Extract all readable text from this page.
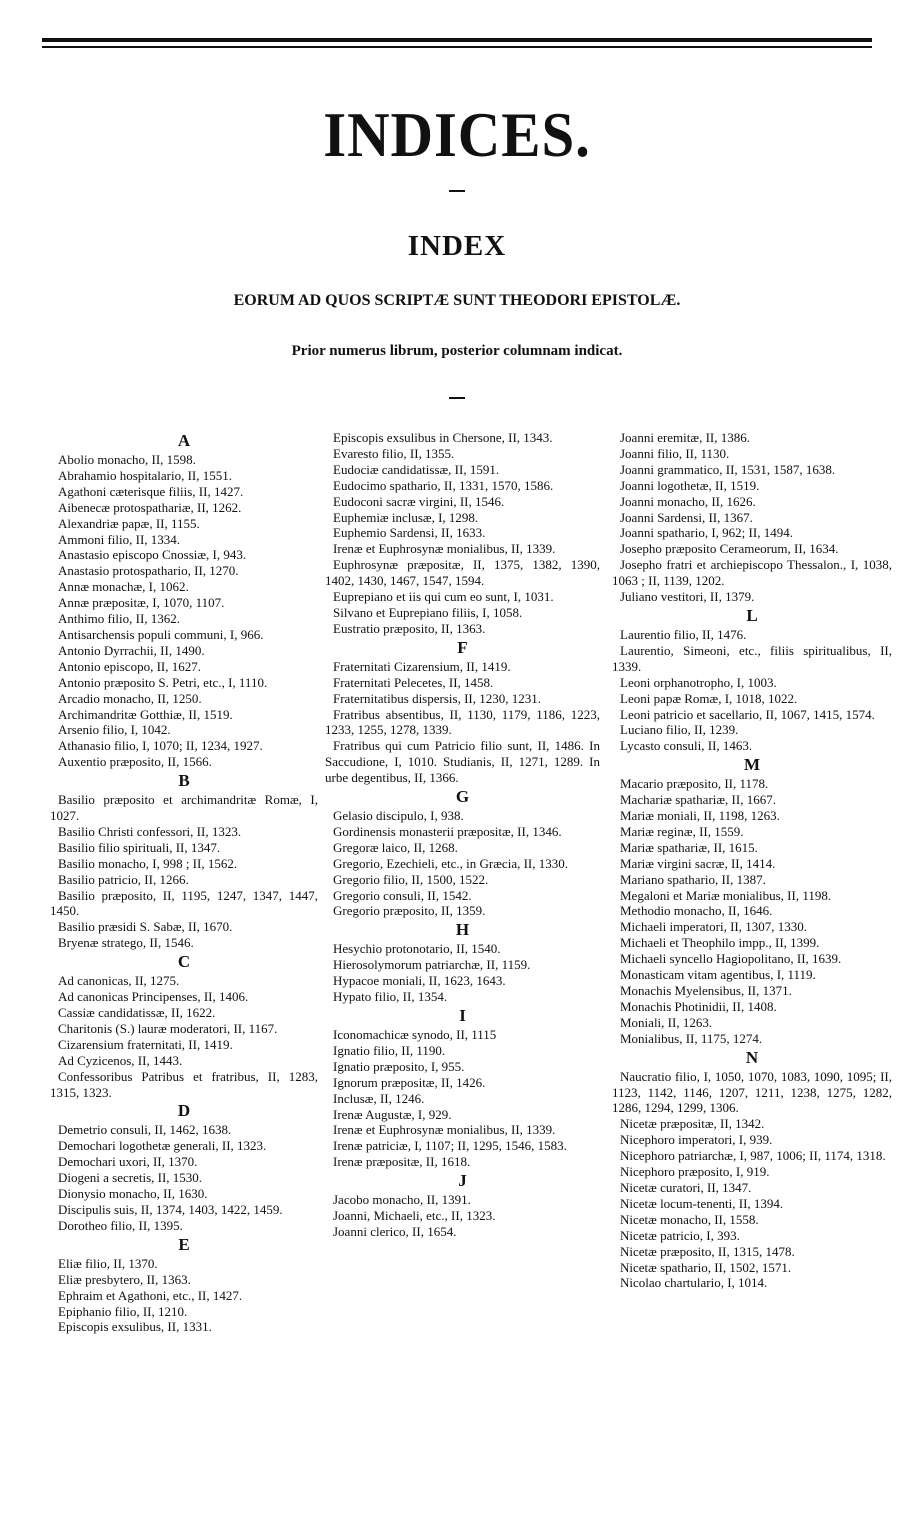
INDICES.
INDEX
EORUM AD QUOS SCRIPTÆ SUNT THEODORI EPISTOLÆ.
Prior numerus librum, posterior columnam indicat.
A
Abolio monacho, II, 1598.
Abrahamio hospitalario, II, 1551.
Agathoni cæterisque filiis, II, 1427.
Aibenecæ protospathariæ, II, 1262.
Alexandriæ papæ, II, 1155.
Ammoni filio, II, 1334.
Anastasio episcopo Cnossiæ, I, 943.
Anastasio protospathario, II, 1270.
Annæ monachæ, I, 1062.
Annæ præpositæ, I, 1070, 1107.
Anthimo filio, II, 1362.
Antisarchensis populi communi, I, 966.
Antonio Dyrrachii, II, 1490.
Antonio episcopo, II, 1627.
Antonio præposito S. Petri, etc., I, 1110.
Arcadio monacho, II, 1250.
Archimandritæ Gotthiæ, II, 1519.
Arsenio filio, I, 1042.
Athanasio filio, I, 1070; II, 1234, 1927.
Auxentio præposito, II, 1566.
B
Basilio præposito et archimandritæ Romæ, I, 1027.
Basilio Christi confessori, II, 1323.
Basilio filio spirituali, II, 1347.
Basilio monacho, I, 998 ; II, 1562.
Basilio patricio, II, 1266.
Basilio præposito, II, 1195, 1247, 1347, 1447, 1450.
Basilio præsidi S. Sabæ, II, 1670.
Bryenæ stratego, II, 1546.
C
Ad canonicas, II, 1275.
Ad canonicas Principenses, II, 1406.
Cassiæ candidatissæ, II, 1622.
Charitonis (S.) lauræ moderatori, II, 1167.
Cizarensium fraternitati, II, 1419.
Ad Cyzicenos, II, 1443.
Confessoribus Patribus et fratribus, II, 1283, 1315, 1323.
D
Demetrio consuli, II, 1462, 1638.
Demochari logothetæ generali, II, 1323.
Demochari uxori, II, 1370.
Diogeni a secretis, II, 1530.
Dionysio monacho, II, 1630.
Discipulis suis, II, 1374, 1403, 1422, 1459.
Dorotheo filio, II, 1395.
E
Eliæ filio, II, 1370.
Eliæ presbytero, II, 1363.
Ephraim et Agathoni, etc., II, 1427.
Epiphanio filio, II, 1210.
Episcopis exsulibus, II, 1331.
Episcopis exsulibus in Chersone, II, 1343.
Evaresto filio, II, 1355.
Eudociæ candidatissæ, II, 1591.
Eudocimo spathario, II, 1331, 1570, 1586.
Eudoconi sacræ virgini, II, 1546.
Euphemiæ inclusæ, I, 1298.
Euphemio Sardensi, II, 1633.
Irenæ et Euphrosynæ monialibus, II, 1339.
Euphrosynæ præpositæ, II, 1375, 1382, 1390, 1402, 1430, 1467, 1547, 1594.
Euprepiano et iis qui cum eo sunt, I, 1031.
Silvano et Euprepiano filiis, I, 1058.
Eustratio præposito, II, 1363.
F
Fraternitati Cizarensium, II, 1419.
Fraternitati Pelecetes, II, 1458.
Fraternitatibus dispersis, II, 1230, 1231.
Fratribus absentibus, II, 1130, 1179, 1186, 1223, 1233, 1255, 1278, 1339.
Fratribus qui cum Patricio filio sunt, II, 1486. In Saccudione, I, 1010. Studianis, II, 1271, 1289. In urbe degentibus, II, 1366.
G
Gelasio discipulo, I, 938.
Gordinensis monasterii præpositæ, II, 1346.
Gregoræ laico, II, 1268.
Gregorio, Ezechieli, etc., in Græcia, II, 1330.
Gregorio filio, II, 1500, 1522.
Gregorio consuli, II, 1542.
Gregorio præposito, II, 1359.
H
Hesychio protonotario, II, 1540.
Hierosolymorum patriarchæ, II, 1159.
Hypacoe moniali, II, 1623, 1643.
Hypato filio, II, 1354.
I
Iconomachicæ synodo, II, 1115
Ignatio filio, II, 1190.
Ignatio præposito, I, 955.
Ignorum præpositæ, II, 1426.
Inclusæ, II, 1246.
Irenæ Augustæ, I, 929.
Irenæ et Euphrosynæ monialibus, II, 1339.
Irenæ patriciæ, I, 1107; II, 1295, 1546, 1583.
Irenæ præpositæ, II, 1618.
J
Jacobo monacho, II, 1391.
Joanni, Michaeli, etc., II, 1323.
Joanni clerico, II, 1654.
Joanni eremitæ, II, 1386.
Joanni filio, II, 1130.
Joanni grammatico, II, 1531, 1587, 1638.
Joanni logothetæ, II, 1519.
Joanni monacho, II, 1626.
Joanni Sardensi, II, 1367.
Joanni spathario, I, 962; II, 1494.
Josepho præposito Cerameorum, II, 1634.
Josepho fratri et archiepiscopo Thessalon., I, 1038, 1063 ; II, 1139, 1202.
Juliano vestitori, II, 1379.
L
Laurentio filio, II, 1476.
Laurentio, Simeoni, etc., filiis spiritualibus, II, 1339.
Leoni orphanotropho, I, 1003.
Leoni papæ Romæ, I, 1018, 1022.
Leoni patricio et sacellario, II, 1067, 1415, 1574.
Luciano filio, II, 1239.
Lycasto consuli, II, 1463.
M
Macario præposito, II, 1178.
Machariæ spathariæ, II, 1667.
Mariæ moniali, II, 1198, 1263.
Mariæ reginæ, II, 1559.
Mariæ spathariæ, II, 1615.
Mariæ virgini sacræ, II, 1414.
Mariano spathario, II, 1387.
Megaloni et Mariæ monialibus, II, 1198.
Methodio monacho, II, 1646.
Michaeli imperatori, II, 1307, 1330.
Michaeli et Theophilo impp., II, 1399.
Michaeli syncello Hagiopolitano, II, 1639.
Monasticam vitam agentibus, I, 1119.
Monachis Myelensibus, II, 1371.
Monachis Photinidii, II, 1408.
Moniali, II, 1263.
Monialibus, II, 1175, 1274.
N
Naucratio filio, I, 1050, 1070, 1083, 1090, 1095; II, 1123, 1142, 1146, 1207, 1211, 1238, 1275, 1282, 1286, 1294, 1299, 1306.
Nicetæ præpositæ, II, 1342.
Nicephoro imperatori, I, 939.
Nicephoro patriarchæ, I, 987, 1006; II, 1174, 1318.
Nicephoro præposito, I, 919.
Nicetæ curatori, II, 1347.
Nicetæ locum-tenenti, II, 1394.
Nicetæ monacho, II, 1558.
Nicetæ patricio, I, 393.
Nicetæ præposito, II, 1315, 1478.
Nicetæ spathario, II, 1502, 1571.
Nicolao chartulario, I, 1014.
